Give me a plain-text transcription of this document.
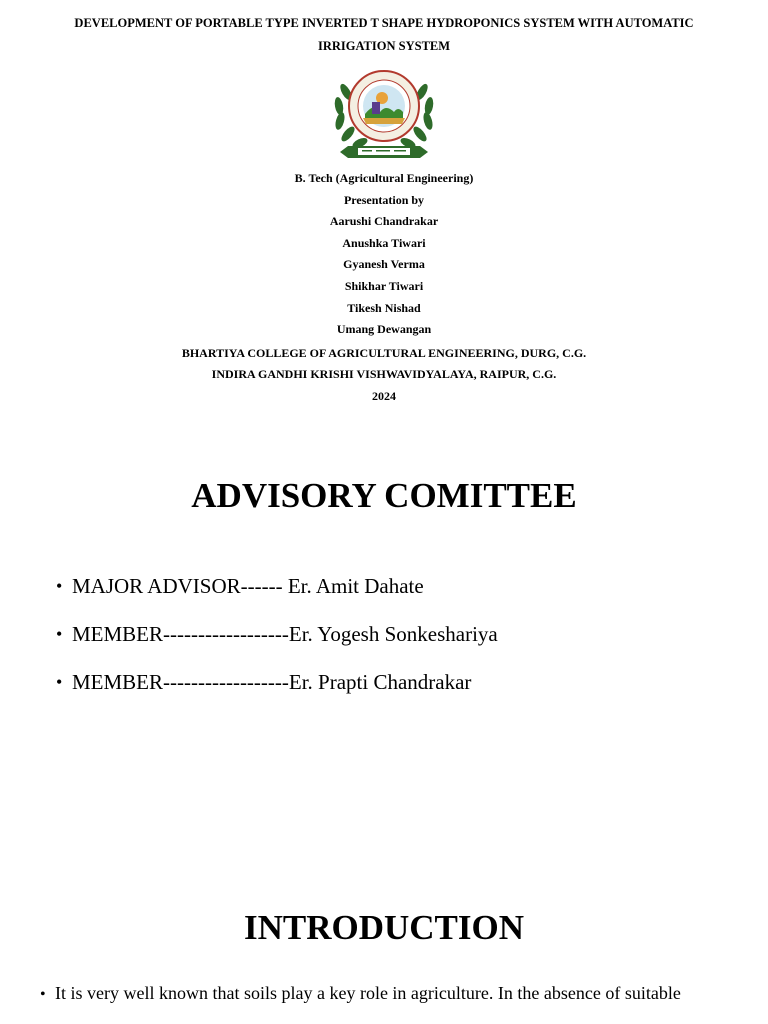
DEVELOPMENT OF PORTABLE TYPE INVERTED T SHAPE HYDROPONICS SYSTEM WITH AUTOMATIC
IRRIGATION SYSTEM
B. Tech (Agricultural Engineering)
Presentation by
Aarushi Chandrakar
Anushka Tiwari
Gyanesh Verma
Shikhar Tiwari
Tikesh Nishad
Umang Dewangan
BHARTIYA COLLEGE OF AGRICULTURAL ENGINEERING, DURG, C.G.
INDIRA GANDHI KRISHI VISHWAVIDYALAYA, RAIPUR, C.G.
2024
ADVISORY COMITTEE
• MAJOR ADVISOR------ Er. Amit Dahate
• MEMBER------------------Er. Yogesh Sonkeshariya
• MEMBER------------------Er. Prapti Chandrakar
INTRODUCTION
• It is very well known that soils play a key role in agriculture. In the absence of suitable
